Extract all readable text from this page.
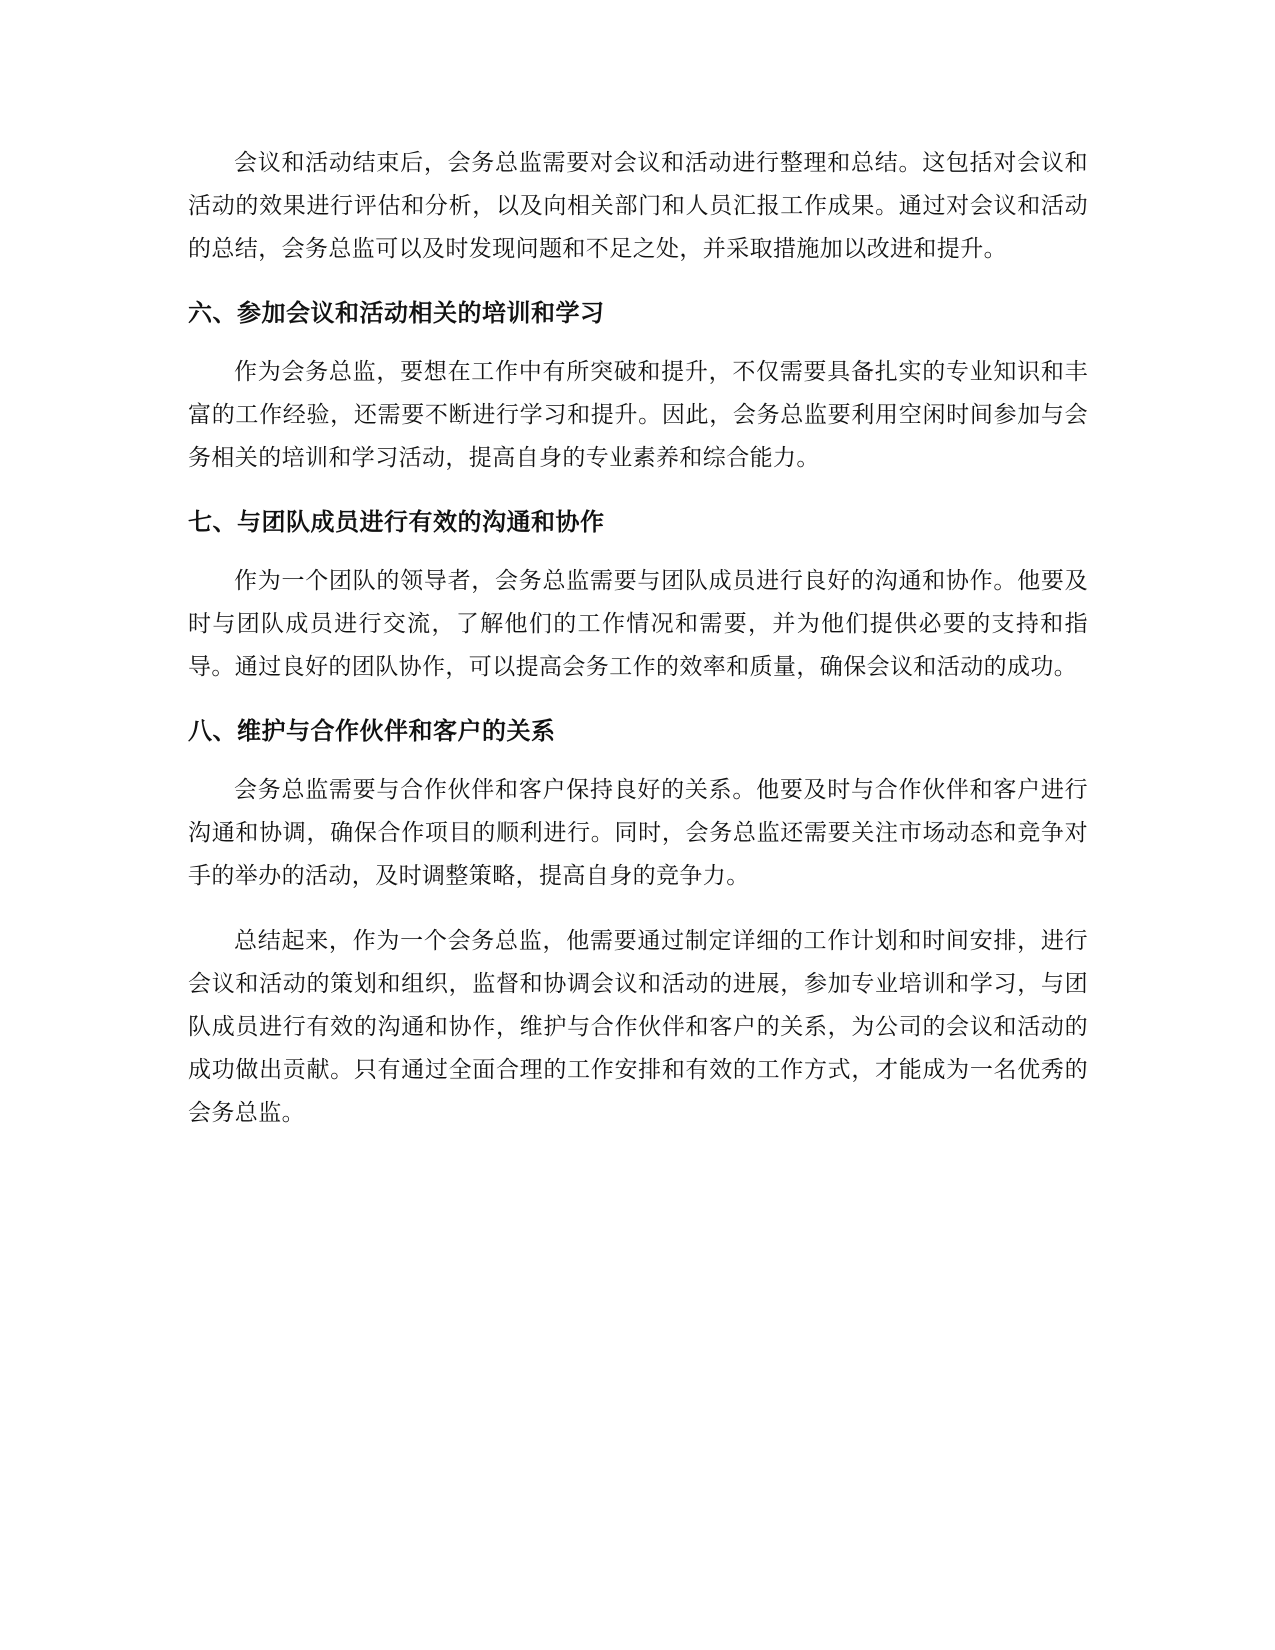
会议和活动结束后，会务总监需要对会议和活动进行整理和总结。这包括对会议和活动的效果进行评估和分析，以及向相关部门和人员汇报工作成果。通过对会议和活动的总结，会务总监可以及时发现问题和不足之处，并采取措施加以改进和提升。

六、参加会议和活动相关的培训和学习

作为会务总监，要想在工作中有所突破和提升，不仅需要具备扎实的专业知识和丰富的工作经验，还需要不断进行学习和提升。因此，会务总监要利用空闲时间参加与会务相关的培训和学习活动，提高自身的专业素养和综合能力。

七、与团队成员进行有效的沟通和协作

作为一个团队的领导者，会务总监需要与团队成员进行良好的沟通和协作。他要及时与团队成员进行交流，了解他们的工作情况和需要，并为他们提供必要的支持和指导。通过良好的团队协作，可以提高会务工作的效率和质量，确保会议和活动的成功。

八、维护与合作伙伴和客户的关系

会务总监需要与合作伙伴和客户保持良好的关系。他要及时与合作伙伴和客户进行沟通和协调，确保合作项目的顺利进行。同时，会务总监还需要关注市场动态和竞争对手的举办的活动，及时调整策略，提高自身的竞争力。

总结起来，作为一个会务总监，他需要通过制定详细的工作计划和时间安排，进行会议和活动的策划和组织，监督和协调会议和活动的进展，参加专业培训和学习，与团队成员进行有效的沟通和协作，维护与合作伙伴和客户的关系，为公司的会议和活动的成功做出贡献。只有通过全面合理的工作安排和有效的工作方式，才能成为一名优秀的会务总监。
